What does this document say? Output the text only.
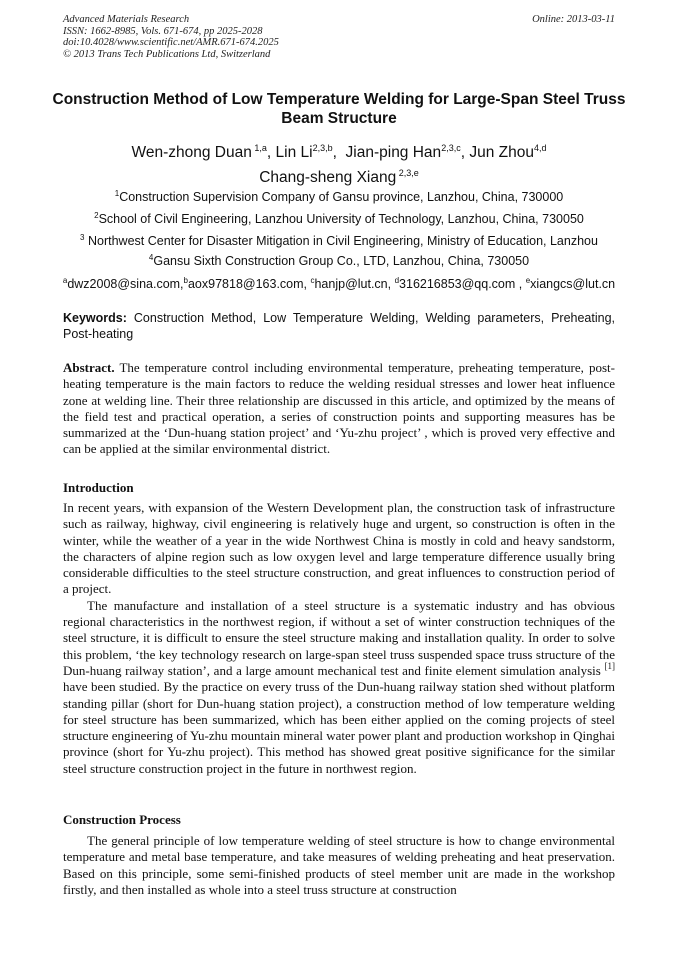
Advanced Materials Research
ISSN: 1662-8985, Vols. 671-674, pp 2025-2028
doi:10.4028/www.scientific.net/AMR.671-674.2025
© 2013 Trans Tech Publications Ltd, Switzerland
Online: 2013-03-11
Construction Method of Low Temperature Welding for Large-Span Steel Truss Beam Structure
Wen-zhong Duan $^{1,a}$, Lin Li$^{2,3,b}$,  Jian-ping Han$^{2,3,c}$, Jun Zhou$^{4,d}$
Chang-sheng Xiang $^{2,3,e}$
$^1$Construction Supervision Company of Gansu province, Lanzhou, China, 730000
$^2$School of Civil Engineering, Lanzhou University of Technology, Lanzhou, China, 730050
$^3$ Northwest Center for Disaster Mitigation in Civil Engineering, Ministry of Education, Lanzhou
$^4$Gansu Sixth Construction Group Co., LTD, Lanzhou, China, 730050
$^a$dwz2008@sina.com,$^b$aox97818@163.com, $^c$hanjp@lut.cn, $^d$316216853@qq.com , $^e$xiangcs@lut.cn
Keywords: Construction Method, Low Temperature Welding, Welding parameters, Preheating, Post-heating
Abstract. The temperature control including environmental temperature, preheating temperature, post-heating temperature is the main factors to reduce the welding residual stresses and lower heat influence zone at welding line. Their three relationship are discussed in this article, and optimized by the means of the field test and practical operation, a series of construction points and supporting measures has be summarized at the ‘Dun-huang station project’ and ‘Yu-zhu project’ , which is proved very effective and can be applied at the similar environmental district.
Introduction

In recent years, with expansion of the Western Development plan, the construction task of infrastructure such as railway, highway, civil engineering is relatively huge and urgent, so construction is often in the winter, while the weather of a year in the wide Northwest China is mostly in cold and heavy sandstorm, the characters of alpine region such as low oxygen level and large temperature difference usually bring considerable difficulties to the steel structure construction, and great influences to construction period of a project.

The manufacture and installation of a steel structure is a systematic industry and has obvious regional characteristics in the northwest region, if without a set of winter construction techniques of the steel structure, it is difficult to ensure the steel structure making and installation quality. In order to solve this problem, ‘the key technology research on large-span steel truss suspended space truss structure of the Dun-huang railway station’, and a large amount mechanical test and finite element simulation analysis [1] have been studied. By the practice on every truss of the Dun-huang railway station shed without platform standing pillar (short for Dun-huang station project), a construction method of low temperature welding for steel structure has been summarized, which has been either applied on the coming projects of steel structure engineering of Yu-zhu mountain mineral water power plant and production workshop in Qinghai province (short for Yu-zhu project). This method has showed great positive significance for the similar steel structure construction project in the future in northwest region.

Construction Process

The general principle of low temperature welding of steel structure is how to change environmental temperature and metal base temperature, and take measures of welding preheating and heat preservation. Based on this principle, some semi-finished products of steel member unit are made in the workshop firstly, and then installed as whole into a steel truss structure at construction
